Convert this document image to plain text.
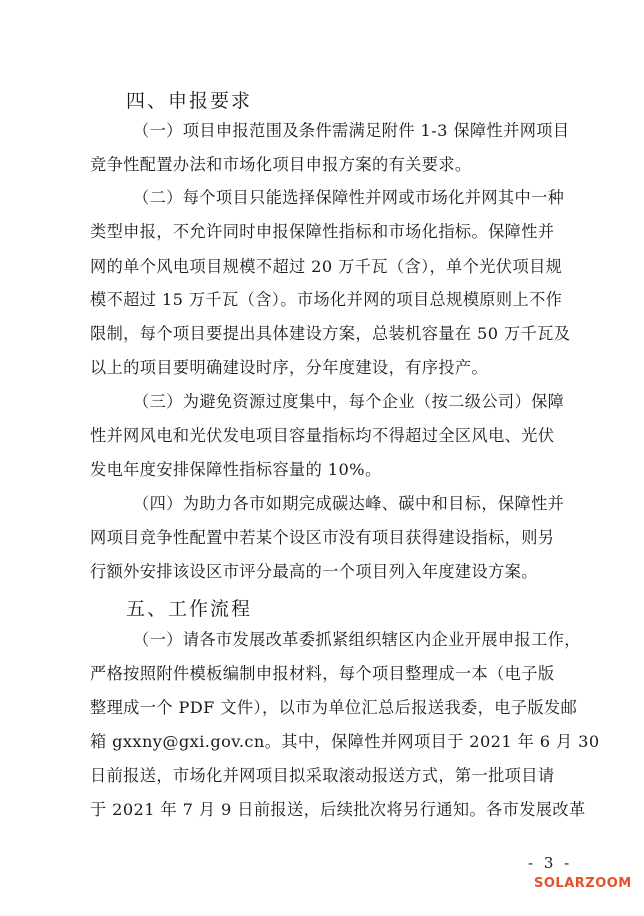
四、申报要求
（一）项目申报范围及条件需满足附件 1-3 保障性并网项目
竞争性配置办法和市场化项目申报方案的有关要求。
（二）每个项目只能选择保障性并网或市场化并网其中一种
类型申报，不允许同时申报保障性指标和市场化指标。保障性并
网的单个风电项目规模不超过 20 万千瓦（含），单个光伏项目规
模不超过 15 万千瓦（含）。市场化并网的项目总规模原则上不作
限制，每个项目要提出具体建设方案，总装机容量在 50 万千瓦及
以上的项目要明确建设时序，分年度建设，有序投产。
（三）为避免资源过度集中，每个企业（按二级公司）保障
性并网风电和光伏发电项目容量指标均不得超过全区风电、光伏
发电年度安排保障性指标容量的 10%。
（四）为助力各市如期完成碳达峰、碳中和目标，保障性并
网项目竞争性配置中若某个设区市没有项目获得建设指标，则另
行额外安排该设区市评分最高的一个项目列入年度建设方案。
五、工作流程
（一）请各市发展改革委抓紧组织辖区内企业开展申报工作，
严格按照附件模板编制申报材料，每个项目整理成一本（电子版
整理成一个 PDF 文件），以市为单位汇总后报送我委，电子版发邮
箱 gxxny@gxi.gov.cn。其中，保障性并网项目于 2021 年 6 月 30
日前报送，市场化并网项目拟采取滚动报送方式，第一批项目请
于 2021 年 7 月 9 日前报送，后续批次将另行通知。各市发展改革
- 3 -
SOLARZOOM
